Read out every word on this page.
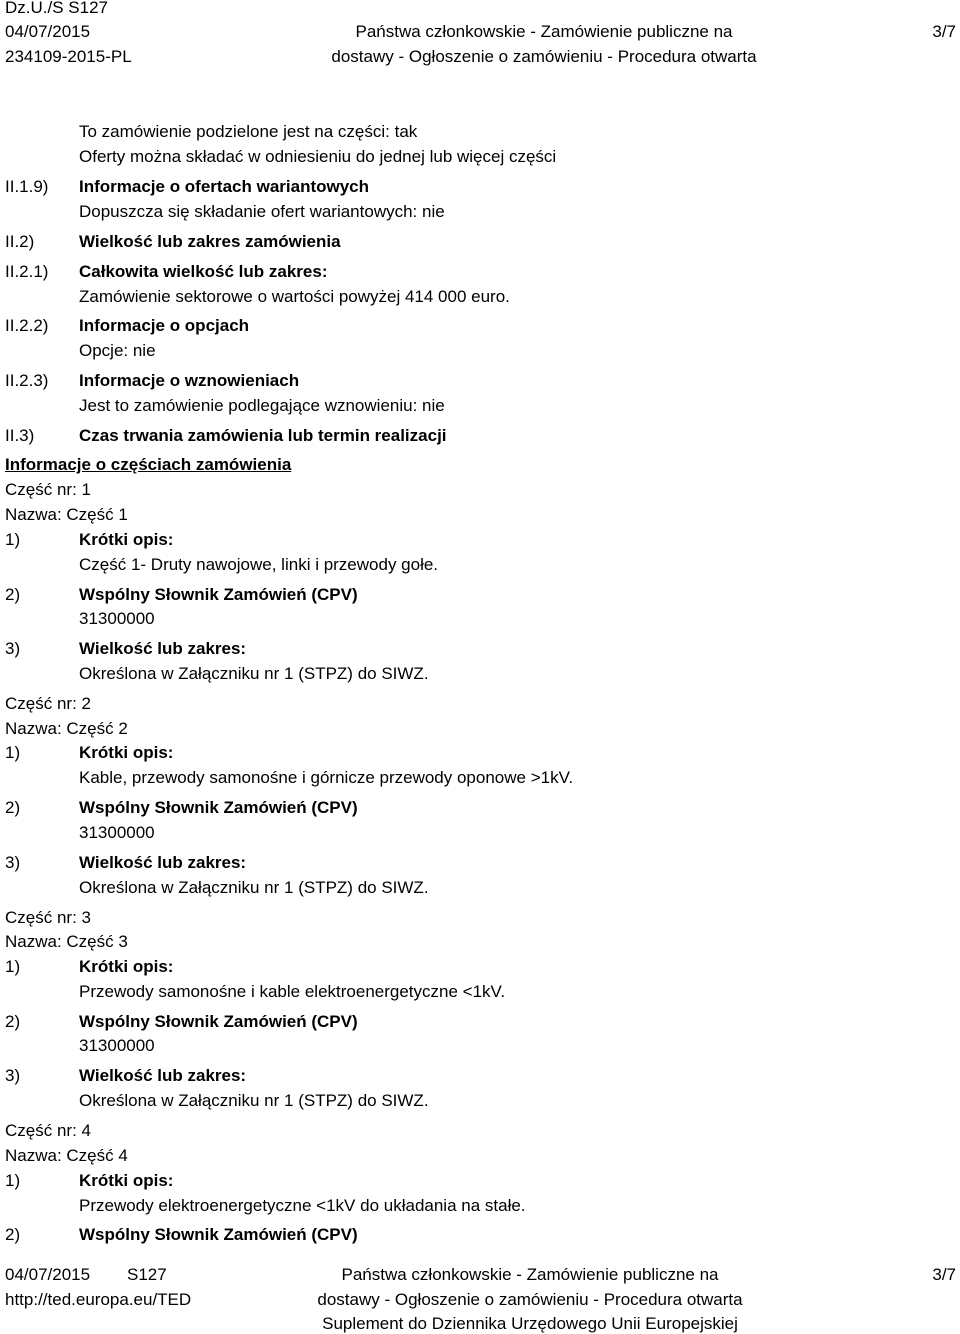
Dz.U./S S127
04/07/2015
234109-2015-PL
Państwa członkowskie - Zamówienie publiczne na
dostawy - Ogłoszenie o zamówieniu - Procedura otwarta
3/7
To zamówienie podzielone jest na części: tak
Oferty można składać w odniesieniu do jednej lub więcej części
II.1.9) Informacje o ofertach wariantowych
Dopuszcza się składanie ofert wariantowych: nie
II.2)	Wielkość lub zakres zamówienia
II.2.1) Całkowita wielkość lub zakres:
Zamówienie sektorowe o wartości powyżej 414 000 euro.
II.2.2) Informacje o opcjach
Opcje: nie
II.2.3) Informacje o wznowieniach
Jest to zamówienie podlegające wznowieniu: nie
II.3)	Czas trwania zamówienia lub termin realizacji
Informacje o częściach zamówienia
Część nr: 1
Nazwa: Część 1
1)	Krótki opis:
Część 1- Druty nawojowe, linki i przewody gołe.
2)	Wspólny Słownik Zamówień (CPV)
31300000
3)	Wielkość lub zakres:
Określona w Załączniku nr 1 (STPZ) do SIWZ.
Część nr: 2
Nazwa: Część 2
1)	Krótki opis:
Kable, przewody samonośne i górnicze przewody oponowe >1kV.
2)	Wspólny Słownik Zamówień (CPV)
31300000
3)	Wielkość lub zakres:
Określona w Załączniku nr 1 (STPZ) do SIWZ.
Część nr: 3
Nazwa: Część 3
1)	Krótki opis:
Przewody samonośne i kable elektroenergetyczne <1kV.
2)	Wspólny Słownik Zamówień (CPV)
31300000
3)	Wielkość lub zakres:
Określona w Załączniku nr 1 (STPZ) do SIWZ.
Część nr: 4
Nazwa: Część 4
1)	Krótki opis:
Przewody elektroenergetyczne <1kV do układania na stałe.
2)	Wspólny Słownik Zamówień (CPV)
04/07/2015 S127
http://ted.europa.eu/TED
Państwa członkowskie - Zamówienie publiczne na
dostawy - Ogłoszenie o zamówieniu - Procedura otwarta
Suplement do Dziennika Urzędowego Unii Europejskiej
3/7
